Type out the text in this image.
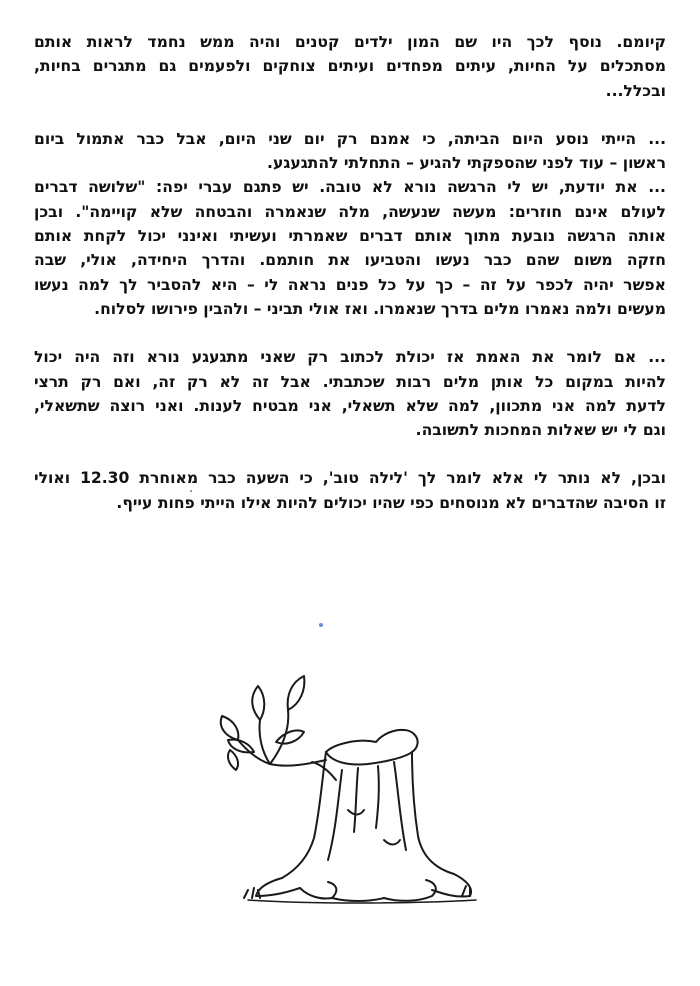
קיומם. נוסף לכך היו שם המון ילדים קטנים והיה ממש נחמד לראות אותם
מסתכלים על החיות, עיתים מפחדים ועיתים צוחקים ולפעמים גם מתגרים בחיות,
ובכלל...

... הייתי נוסע היום הביתה, כי אמנם רק יום שני היום, אבל כבר אתמול ביום
ראשון – עוד לפני שהספקתי להגיע – התחלתי להתגעגע.
... את יודעת, יש לי הרגשה נורא לא טובה. יש פתגם עברי יפה: "שלושה דברים
לעולם אינם חוזרים: מעשה שנעשה, מלה שנאמרה והבטחה שלא קויימה". ובכן
אותה הרגשה נובעת מתוך אותם דברים שאמרתי ועשיתי ואינני יכול לקחת אותם
חזקה משום שהם כבר נעשו והטביעו את חותמם. והדרך היחידה, אולי, שבה
אפשר יהיה לכפר על זה – כך על כל פנים נראה לי – היא להסביר לך למה נעשו
מעשים ולמה נאמרו מלים בדרך שנאמרו. ואז אולי תביני – ולהבין פירושו לסלוח.

... אם לומר את האמת אז יכולת לכתוב רק שאני מתגעגע נורא וזה היה יכול
להיות במקום כל אותן מלים רבות שכתבתי. אבל זה לא רק זה, ואם רק תרצי
לדעת למה אני מתכוון, למה שלא תשאלי, אני מבטיח לענות. ואני רוצה שתשאלי,
וגם לי יש שאלות המחכות לתשובה.

ובכן, לא נותר לי אלא לומר לך 'לילה טוב', כי השעה כבר מאוחרת 12.30 ואולי
זו הסיבה שהדברים לא מנוסחים כפי שהיו יכולים להיות אילו הייתי פחות עייף.
